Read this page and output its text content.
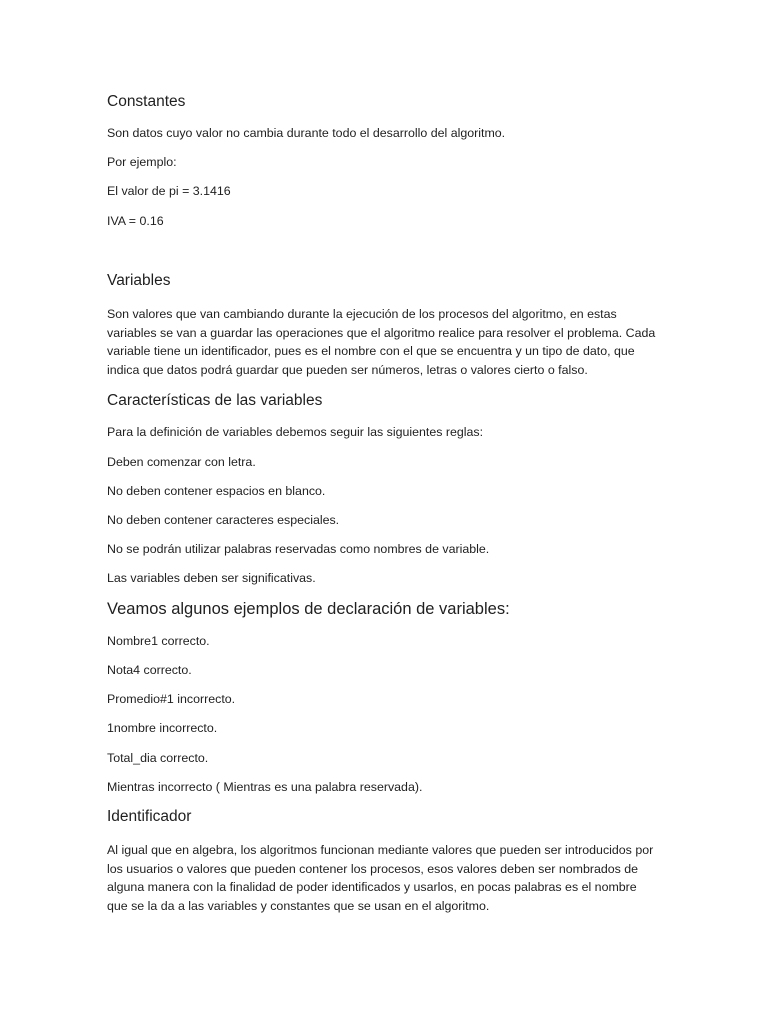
Constantes

Son datos cuyo valor no cambia durante todo el desarrollo del algoritmo.

Por ejemplo:

El valor de pi = 3.1416

IVA = 0.16

Variables

Son valores que van cambiando durante la ejecución de los procesos del algoritmo, en estas variables se van a guardar las operaciones que el algoritmo realice para resolver el problema. Cada variable tiene un identificador, pues es el nombre con el que se encuentra y un tipo de dato, que indica que datos podrá guardar que pueden ser números, letras o valores cierto o falso.

Características de las variables

Para la definición de variables debemos seguir las siguientes reglas:

Deben comenzar con letra.

No deben contener espacios en blanco.

No deben contener caracteres especiales.

No se podrán utilizar palabras reservadas como nombres de variable.

Las variables deben ser significativas.

Veamos algunos ejemplos de declaración de variables:

Nombre1 correcto.

Nota4 correcto.

Promedio#1 incorrecto.

1nombre incorrecto.

Total_dia correcto.

Mientras incorrecto ( Mientras es una palabra reservada).

Identificador

Al igual que en algebra, los algoritmos funcionan mediante valores que pueden ser introducidos por los usuarios o valores que pueden contener los procesos, esos valores deben ser nombrados de alguna manera con la finalidad de poder identificados y usarlos, en pocas palabras es el nombre que se la da a las variables y constantes que se usan en el algoritmo.
